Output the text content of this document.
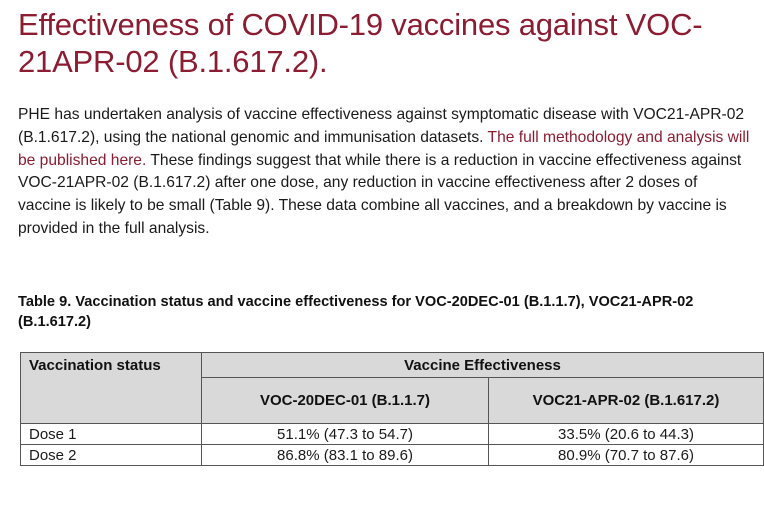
Effectiveness of COVID-19 vaccines against VOC-21APR-02 (B.1.617.2).

PHE has undertaken analysis of vaccine effectiveness against symptomatic disease with VOC21-APR-02 (B.1.617.2), using the national genomic and immunisation datasets. The full methodology and analysis will be published here. These findings suggest that while there is a reduction in vaccine effectiveness against VOC-21APR-02 (B.1.617.2) after one dose, any reduction in vaccine effectiveness after 2 doses of vaccine is likely to be small (Table 9). These data combine all vaccines, and a breakdown by vaccine is provided in the full analysis.

Table 9. Vaccination status and vaccine effectiveness for VOC-20DEC-01 (B.1.1.7), VOC21-APR-02 (B.1.617.2)

Vaccination status	Vaccine Effectiveness	
	VOC-20DEC-01 (B.1.1.7)	VOC21-APR-02 (B.1.617.2)
Dose 1	51.1% (47.3 to 54.7)	33.5% (20.6 to 44.3)
Dose 2	86.8% (83.1 to 89.6)	80.9% (70.7 to 87.6)
